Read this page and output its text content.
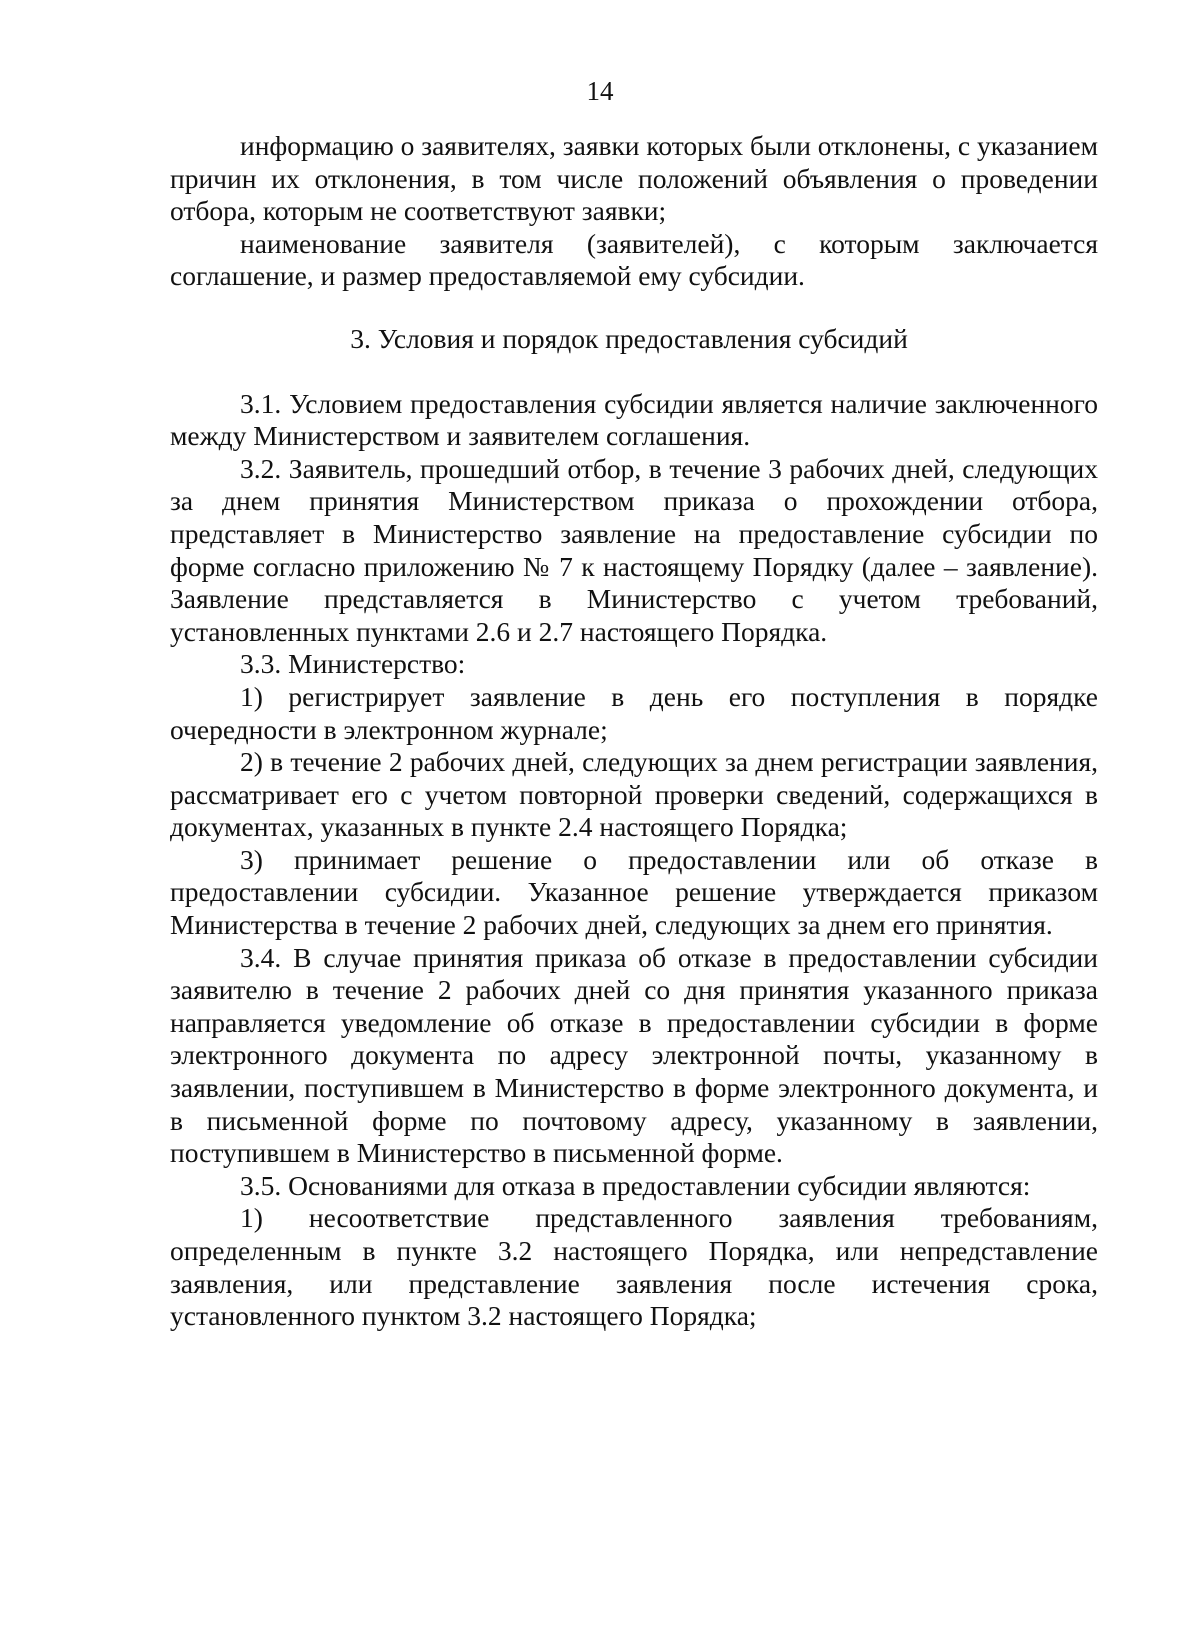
14

информацию о заявителях, заявки которых были отклонены, с указанием причин их отклонения, в том числе положений объявления о проведении отбора, которым не соответствуют заявки;

наименование заявителя (заявителей), с которым заключается соглашение, и размер предоставляемой ему субсидии.

3. Условия и порядок предоставления субсидий

3.1. Условием предоставления субсидии является наличие заключенного между Министерством и заявителем соглашения.

3.2. Заявитель, прошедший отбор, в течение 3 рабочих дней, следующих за днем принятия Министерством приказа о прохождении отбора, представляет в Министерство заявление на предоставление субсидии по форме согласно приложению № 7 к настоящему Порядку (далее – заявление). Заявление представляется в Министерство с учетом требований, установленных пунктами 2.6 и 2.7 настоящего Порядка.

3.3. Министерство:

1) регистрирует заявление в день его поступления в порядке очередности в электронном журнале;

2) в течение 2 рабочих дней, следующих за днем регистрации заявления, рассматривает его с учетом повторной проверки сведений, содержащихся в документах, указанных в пункте 2.4 настоящего Порядка;

3) принимает решение о предоставлении или об отказе в предоставлении субсидии. Указанное решение утверждается приказом Министерства в течение 2 рабочих дней, следующих за днем его принятия.

3.4. В случае принятия приказа об отказе в предоставлении субсидии заявителю в течение 2 рабочих дней со дня принятия указанного приказа направляется уведомление об отказе в предоставлении субсидии в форме электронного документа по адресу электронной почты, указанному в заявлении, поступившем в Министерство в форме электронного документа, и в письменной форме по почтовому адресу, указанному в заявлении, поступившем в Министерство в письменной форме.

3.5. Основаниями для отказа в предоставлении субсидии являются:

1) несоответствие представленного заявления требованиям, определенным в пункте 3.2 настоящего Порядка, или непредставление заявления, или представление заявления после истечения срока, установленного пунктом 3.2 настоящего Порядка;
